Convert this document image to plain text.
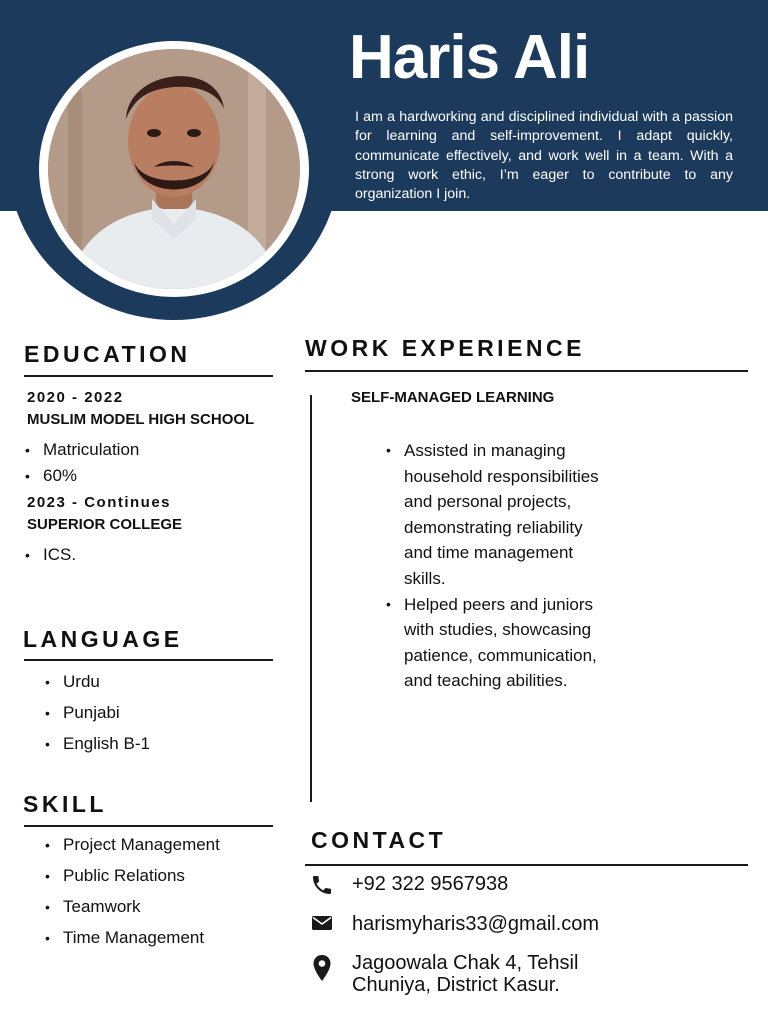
Haris Ali
I am a hardworking and disciplined individual with a passion for learning and self-improvement. I adapt quickly, communicate effectively, and work well in a team. With a strong work ethic, I’m eager to contribute to any organization I join.
EDUCATION
2020 - 2022
MUSLIM MODEL HIGH SCHOOL
• Matriculation
• 60%
2023 - Continues
SUPERIOR COLLEGE
• ICS.
LANGUAGE
• Urdu
• Punjabi
• English B-1
SKILL
• Project Management
• Public Relations
• Teamwork
• Time Management
WORK EXPERIENCE
SELF-MANAGED LEARNING
• Assisted in managing household responsibilities and personal projects, demonstrating reliability and time management skills.
• Helped peers and juniors with studies, showcasing patience, communication, and teaching abilities.
CONTACT
+92 322 9567938
harismyharis33@gmail.com
Jagoowala Chak 4, Tehsil
Chuniya, District Kasur.
